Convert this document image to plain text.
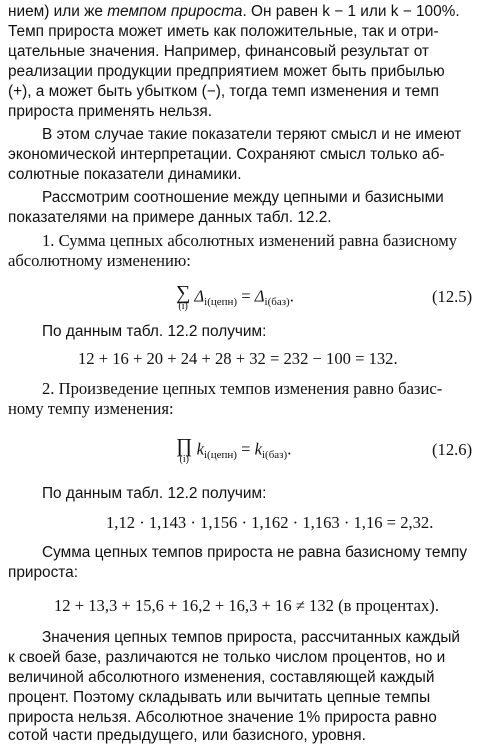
нием) или же темпом прироста. Он равен k − 1 или k − 100%.
Темп прироста может иметь как положительные, так и отри-
цательные значения. Например, финансовый результат от
реализации продукции предприятием может быть прибылью
(+), а может быть убытком (−), тогда темп изменения и темп
прироста применять нельзя.
В этом случае такие показатели теряют смысл и не имеют
экономической интерпретации. Сохраняют смысл только аб-
солютные показатели динамики.
Рассмотрим соотношение между цепными и базисными
показателями на примере данных табл. 12.2.
1. Сумма цепных абсолютных изменений равна базисному
абсолютному изменению:
∑
(i)
$\Delta_{i(цепн)} = \Delta_{i(баз)}$.	(12.5)
По данным табл. 12.2 получим:
12 + 16 + 20 + 24 + 28 + 32 = 232 − 100 = 132.
2. Произведение цепных темпов изменения равно базис-
ному темпу изменения:
∏
(i)
$k_{i(цепн)} = k_{i(баз)}$.	(12.6)
По данным табл. 12.2 получим:
1,12 · 1,143 · 1,156 · 1,162 · 1,163 · 1,16 = 2,32.
Сумма цепных темпов прироста не равна базисному темпу
прироста:
12 + 13,3 + 15,6 + 16,2 + 16,3 + 16 ≠ 132 (в процентах).
Значения цепных темпов прироста, рассчитанных каждый
к своей базе, различаются не только числом процентов, но и
величиной абсолютного изменения, составляющей каждый
процент. Поэтому складывать или вычитать цепные темпы
прироста нельзя. Абсолютное значение 1% прироста равно
сотой части предыдущего, или базисного, уровня.
